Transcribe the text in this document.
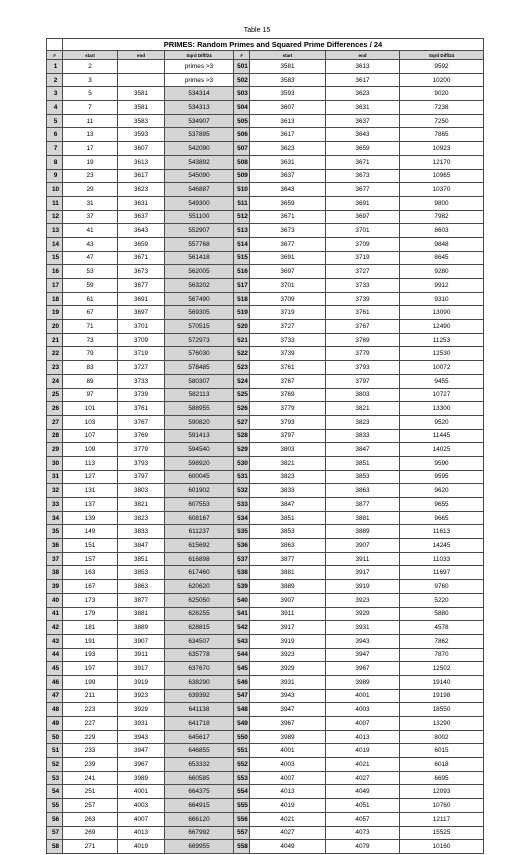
Table 15
	PRIMES: Random Primes and Squared Prime Differences / 24						
#	start	end	Sqrd Diff/24	#	start	end	Sqrd Diff/24
1	2		primes >3	501	3581	3613	9592
2	3		primes >3	502	3583	3617	10200
3	5	3581	534314	503	3593	3623	9020
4	7	3581	534313	504	3607	3631	7238
5	11	3583	534907	505	3613	3637	7250
6	13	3593	537895	506	3617	3643	7865
7	17	3607	542090	507	3623	3659	10923
8	19	3613	543892	508	3631	3671	12170
9	23	3617	545090	509	3637	3673	10965
10	29	3623	546887	510	3643	3677	10370
11	31	3631	549300	511	3659	3691	9800
12	37	3637	551100	512	3671	3697	7982
13	41	3643	552907	513	3673	3701	8603
14	43	3659	557768	514	3677	3709	9848
15	47	3671	561418	515	3691	3719	8645
16	53	3673	562005	516	3697	3727	9280
17	59	3677	563202	517	3701	3733	9912
18	61	3691	567490	518	3709	3739	9310
19	67	3697	569305	519	3719	3761	13090
20	71	3701	570515	520	3727	3767	12490
21	73	3709	572973	521	3733	3769	11253
22	79	3719	576030	522	3739	3779	12530
23	83	3727	578485	523	3761	3793	10072
24	89	3733	580307	524	3767	3797	9455
25	97	3739	582113	525	3769	3803	10727
26	101	3761	588955	526	3779	3821	13300
27	103	3767	590820	527	3793	3823	9520
28	107	3769	591413	528	3797	3833	11445
29	109	3779	594540	529	3803	3847	14025
30	113	3793	598920	530	3821	3851	9590
31	127	3797	600045	531	3823	3853	9595
32	131	3803	601902	532	3833	3863	9620
33	137	3821	607553	533	3847	3877	9655
34	139	3823	608167	534	3851	3881	9665
35	149	3833	611237	535	3853	3889	11613
36	151	3847	615692	536	3863	3907	14245
37	157	3851	616898	537	3877	3911	11033
38	163	3853	617460	538	3881	3917	11697
39	167	3863	620620	539	3889	3919	9760
40	173	3877	625050	540	3907	3923	5220
41	179	3881	626255	541	3911	3929	5880
42	181	3889	628815	542	3917	3931	4578
43	191	3907	634507	543	3919	3943	7862
44	193	3911	635778	544	3923	3947	7870
45	197	3917	637670	545	3929	3967	12502
46	199	3919	638290	546	3931	3989	19140
47	211	3923	639392	547	3943	4001	19198
48	223	3929	641138	548	3947	4003	18550
49	227	3931	641718	549	3967	4007	13290
50	229	3943	645617	550	3989	4013	8002
51	233	3947	646855	551	4001	4019	6015
52	239	3967	653332	552	4003	4021	6018
53	241	3989	660585	553	4007	4027	6695
54	251	4001	664375	554	4013	4049	12093
55	257	4003	664915	555	4019	4051	10760
56	263	4007	666120	556	4021	4057	12117
57	269	4013	667992	557	4027	4073	15525
58	271	4019	669955	558	4049	4079	10160
